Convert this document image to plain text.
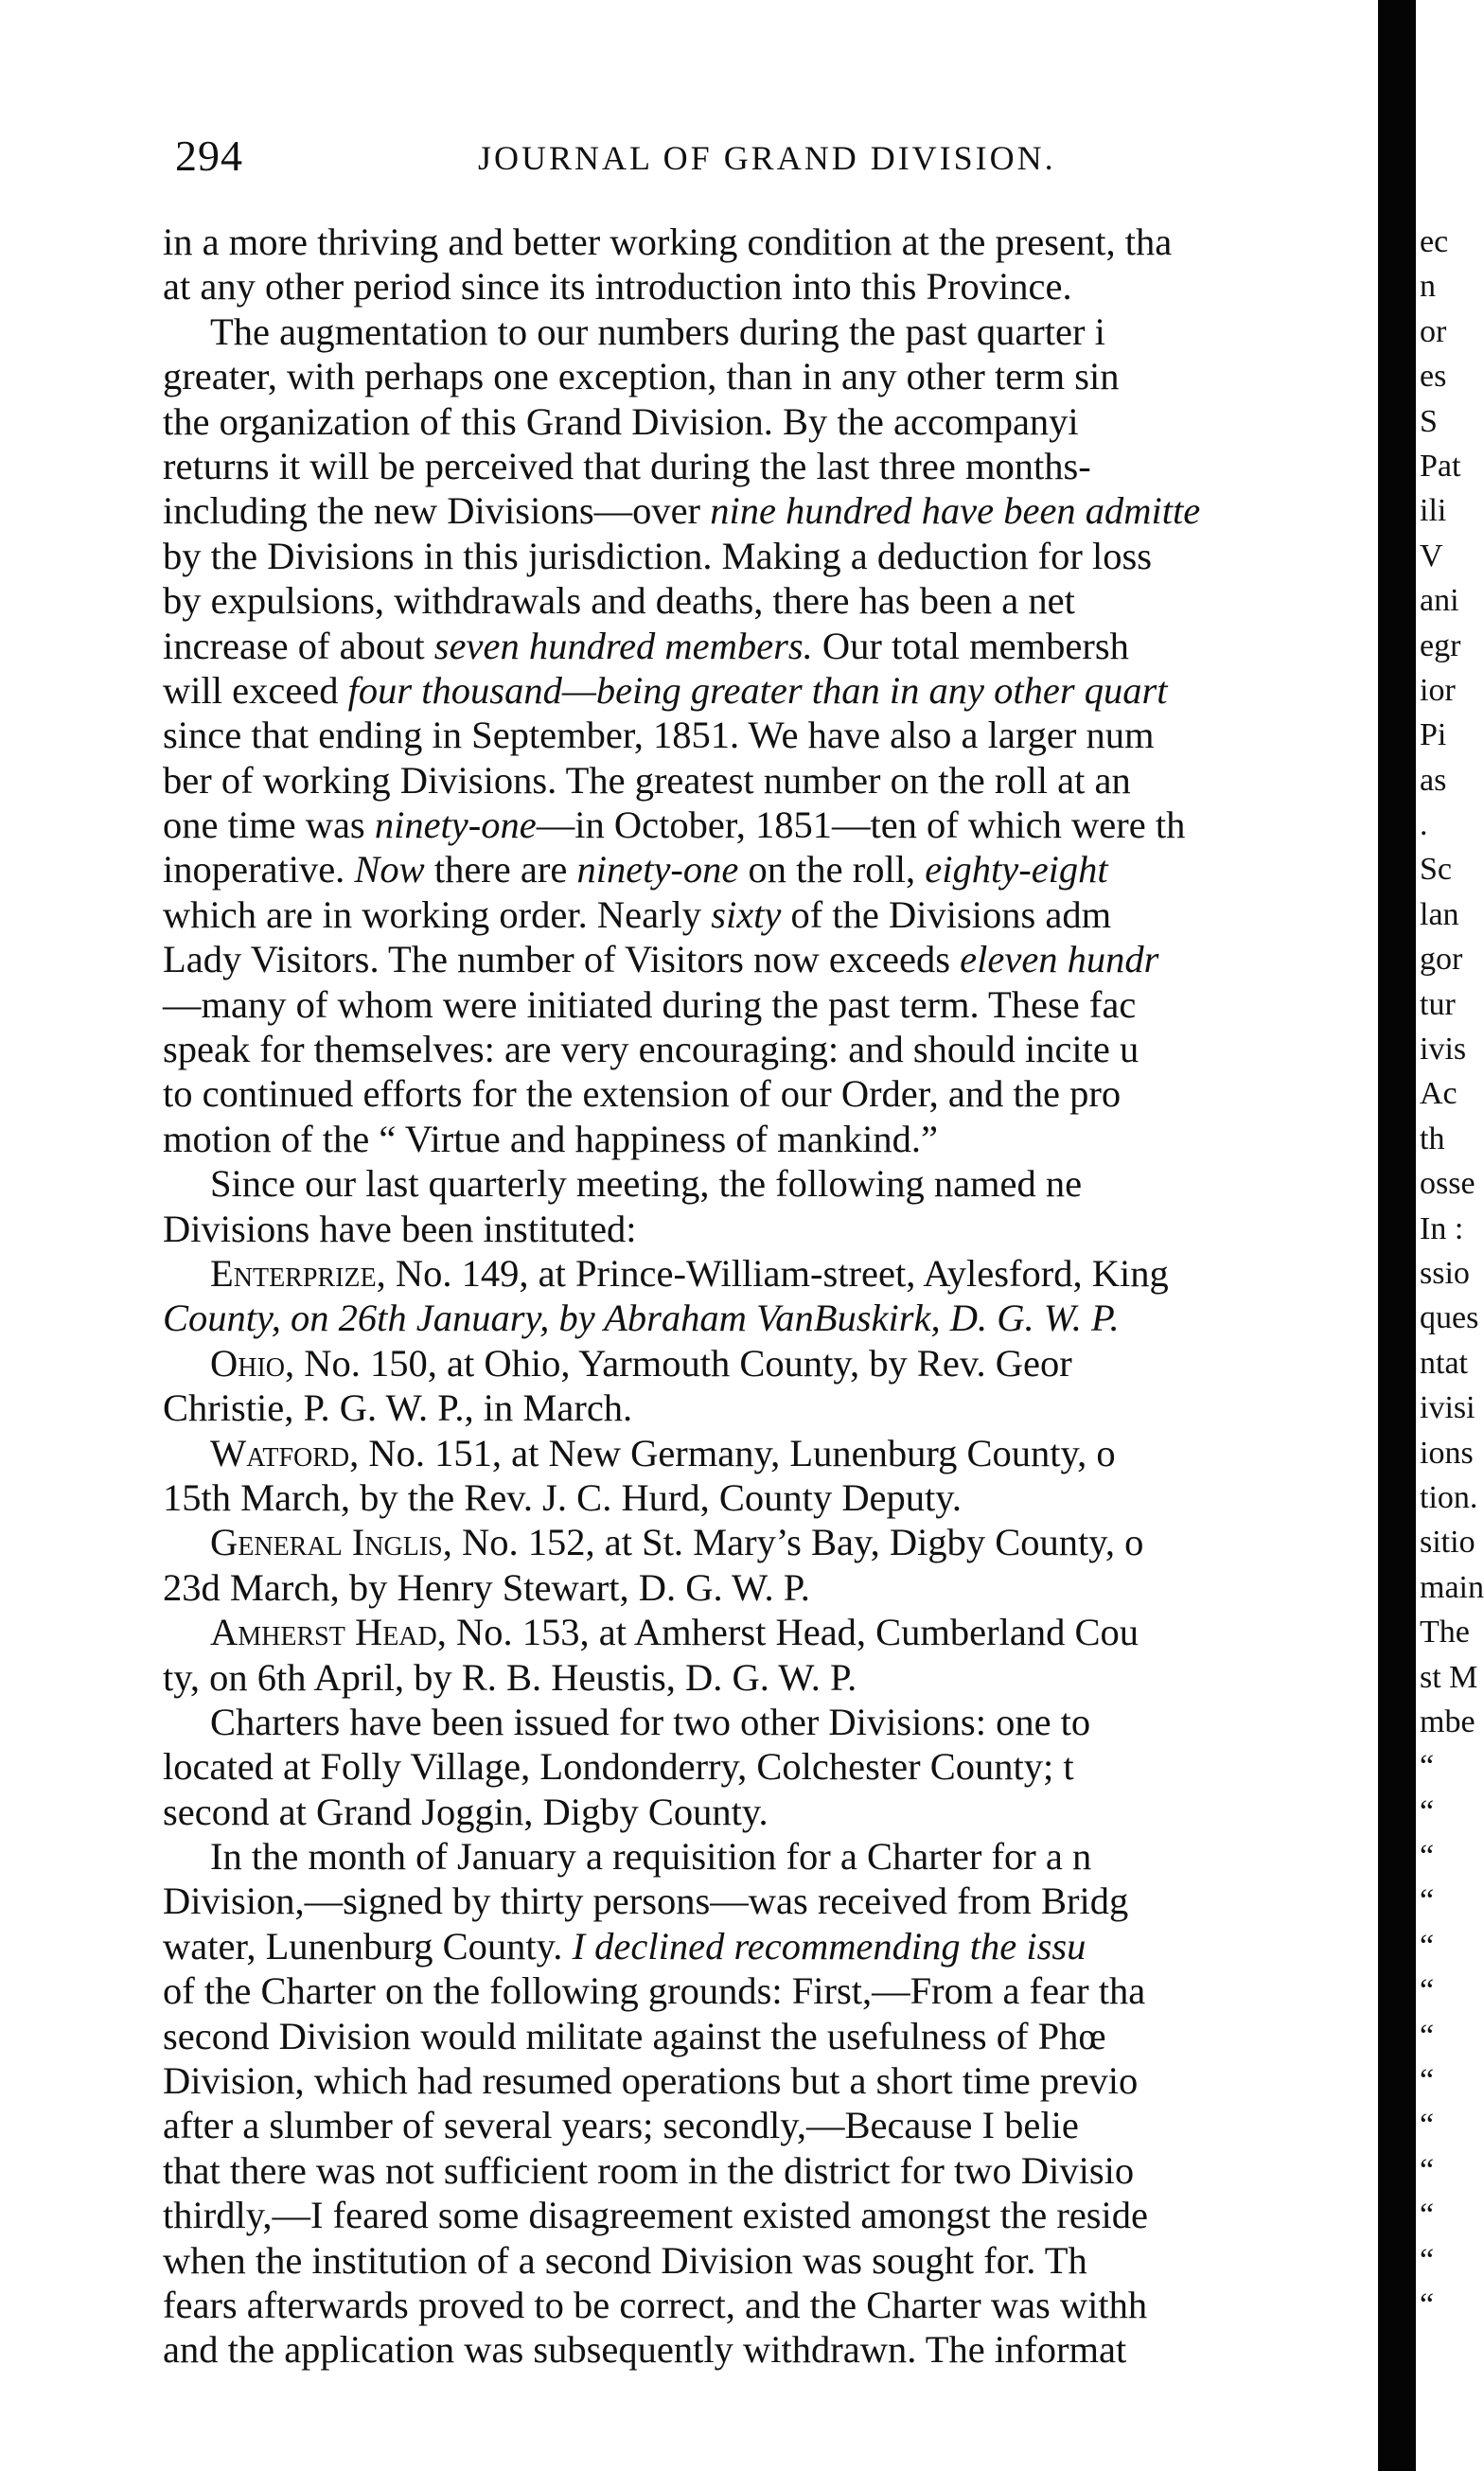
294	JOURNAL OF GRAND DIVISION.
in a more thriving and better working condition at the present, tha
at any other period since its introduction into this Province.
The augmentation to our numbers during the past quarter i
greater, with perhaps one exception, than in any other term sin
the organization of this Grand Division. By the accompanyi
returns it will be perceived that during the last three months-
including the new Divisions—over nine hundred have been admitte
by the Divisions in this jurisdiction. Making a deduction for loss
by expulsions, withdrawals and deaths, there has been a net
increase of about seven hundred members. Our total membersh
will exceed four thousand—being greater than in any other quart
since that ending in September, 1851. We have also a larger num
ber of working Divisions. The greatest number on the roll at an
one time was ninety-one—in October, 1851—ten of which were th
inoperative. Now there are ninety-one on the roll, eighty-eight
which are in working order. Nearly sixty of the Divisions adm
Lady Visitors. The number of Visitors now exceeds eleven hundr
—many of whom were initiated during the past term. These fac
speak for themselves: are very encouraging: and should incite u
to continued efforts for the extension of our Order, and the pro
motion of the “ Virtue and happiness of mankind.”
Since our last quarterly meeting, the following named ne
Divisions have been instituted:
Enterprize, No. 149, at Prince-William-street, Aylesford, King
County, on 26th January, by Abraham VanBuskirk, D. G. W. P.
Ohio, No. 150, at Ohio, Yarmouth County, by Rev. Geor
Christie, P. G. W. P., in March.
Watford, No. 151, at New Germany, Lunenburg County, o
15th March, by the Rev. J. C. Hurd, County Deputy.
General Inglis, No. 152, at St. Mary’s Bay, Digby County, o
23d March, by Henry Stewart, D. G. W. P.
Amherst Head, No. 153, at Amherst Head, Cumberland Cou
ty, on 6th April, by R. B. Heustis, D. G. W. P.
Charters have been issued for two other Divisions: one to
located at Folly Village, Londonderry, Colchester County; t
second at Grand Joggin, Digby County.
In the month of January a requisition for a Charter for a n
Division,—signed by thirty persons—was received from Bridg
water, Lunenburg County. I declined recommending the issu
of the Charter on the following grounds: First,—From a fear tha
second Division would militate against the usefulness of Phœ
Division, which had resumed operations but a short time previo
after a slumber of several years; secondly,—Because I belie
that there was not sufficient room in the district for two Divisio
thirdly,—I feared some disagreement existed amongst the reside
when the institution of a second Division was sought for. Th
fears afterwards proved to be correct, and the Charter was withh
and the application was subsequently withdrawn. The informat
ec
n
or
es
S
Pat
ili
V
ani
egr
ior
Pi
as
.
Sc
lan
gor
tur
ivis
Ac
th
osse
In :
ssio
ques
ntat
ivisi
ions
tion.
sitio
main
The
st M
mbe
“
“
“
“
“
“
“
“
“
“
“
“
“
